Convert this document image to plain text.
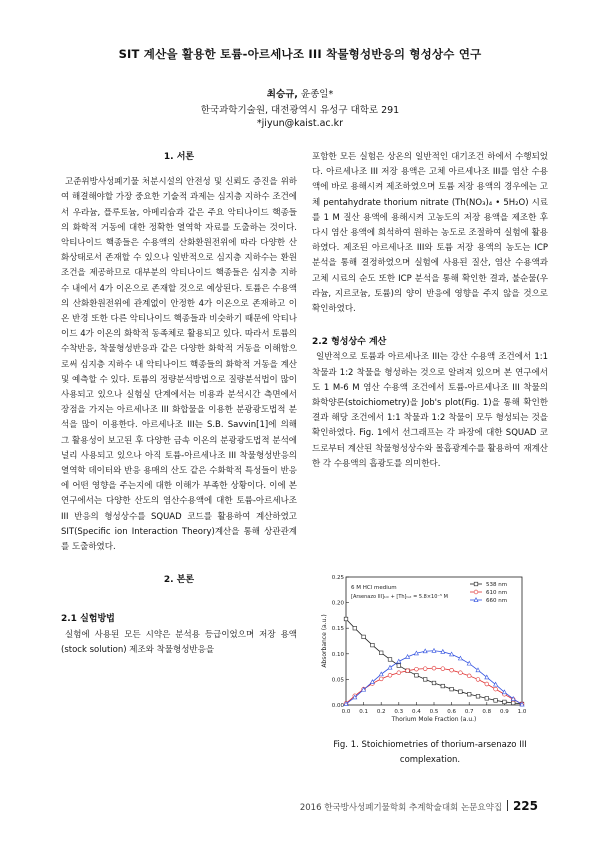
SIT 계산을 활용한 토륨-아르세나조 III 착물형성반응의 형성상수 연구
최승규, 윤종일*
한국과학기술원, 대전광역시 유성구 대학로 291
*jiyun@kaist.ac.kr
1. 서론

고준위방사성폐기물 처분시설의 안전성 및 신뢰도 증진을 위하여 해결해야할 가장 중요한 기술적 과제는 심지층 지하수 조건에서 우라늄, 플루토늄, 아메리슘과 같은 주요 악티나이드 핵종들의 화학적 거동에 대한 정확한 열역학 자료를 도출하는 것이다. 악티나이드 핵종들은 수용액의 산화환원전위에 따라 다양한 산화상태로서 존재할 수 있으나 일반적으로 심지층 지하수는 환원조건을 제공하므로 대부분의 악티나이드 핵종들은 심지층 지하수 내에서 4가 이온으로 존재할 것으로 예상된다. 토륨은 수용액의 산화환원전위에 관계없이 안정한 4가 이온으로 존재하고 이온 반경 또한 다른 악티나이드 핵종들과 비슷하기 때문에 악티나이드 4가 이온의 화학적 동족체로 활용되고 있다. 따라서 토륨의 수착반응, 착물형성반응과 같은 다양한 화학적 거동을 이해함으로써 심지층 지하수 내 악티나이드 핵종들의 화학적 거동을 계산 및 예측할 수 있다. 토륨의 정량분석방법으로 질량분석법이 많이 사용되고 있으나 실험실 단계에서는 비용과 분석시간 측면에서 장점을 가지는 아르세나조 III 화합물을 이용한 분광광도법적 분석을 많이 이용한다. 아르세나조 III는 S.B. Savvin[1]에 의해 그 활용성이 보고된 후 다양한 금속 이온의 분광광도법적 분석에 널리 사용되고 있으나 아직 토륨-아르세나조 III 착물형성반응의 열역학 데이터와 반응 용매의 산도 같은 수화학적 특성들이 반응에 어떤 영향을 주는지에 대한 이해가 부족한 상황이다. 이에 본 연구에서는 다양한 산도의 염산수용액에 대한 토륨-아르세나조 III 반응의 형성상수를 SQUAD 코드를 활용하여 계산하였고 SIT(Specific ion Interaction Theory)계산을 통해 상관관계를 도출하였다.

2. 본론

2.1 실험방법

실험에 사용된 모든 시약은 분석용 등급이었으며 저장 용액(stock solution) 제조와 착물형성반응을

포함한 모든 실험은 상온의 일반적인 대기조건 하에서 수행되었다. 아르세나조 III 저장 용액은 고체 아르세나조 III를 염산 수용액에 바로 용해시켜 제조하였으며 토륨 저장 용액의 경우에는 고체 pentahydrate thorium nitrate (Th(NO₃)₄ • 5H₂O) 시료를 1 M 질산 용액에 용해시켜 고농도의 저장 용액을 제조한 후 다시 염산 용액에 희석하여 원하는 농도로 조절하여 실험에 활용하였다. 제조된 아르세나조 III와 토륨 저장 용액의 농도는 ICP 분석을 통해 결정하였으며 실험에 사용된 질산, 염산 수용액과 고체 시료의 순도 또한 ICP 분석을 통해 확인한 결과, 불순물(우라늄, 지르코늄, 토륨)의 양이 반응에 영향을 주지 않을 것으로 확인하였다.

2.2 형성상수 계산

일반적으로 토륨과 아르세나조 III는 강산 수용액 조건에서 1:1 착물과 1:2 착물을 형성하는 것으로 알려져 있으며 본 연구에서도 1 M-6 M 염산 수용액 조건에서 토륨-아르세나조 III 착물의 화학양론(stoichiometry)을 Job's plot(Fig. 1)을 통해 확인한 결과 해당 조건에서 1:1 착물과 1:2 착물이 모두 형성되는 것을 확인하였다. Fig. 1에서 선그래프는 각 파장에 대한 SQUAD 코드로부터 계산된 착물형성상수와 몰흡광계수를 활용하여 재계산한 각 수용액의 흡광도를 의미한다.

0.0 0.1 0.2 0.3 0.4 0.5 0.6 0.7 0.8 0.9 1.0
0.00
0.05
0.10
0.15
0.20
0.25
Thorium Mole Fraction (a.u.)
Absorbance (a.u.)
6 M HCl medium
[Arsenazo III]ₜₒₜ + [Th]ₜₒₜ = 5.8×10⁻⁵ M
538 nm
610 nm
660 nm
Fig. 1. Stoichiometries of thorium-arsenazo III complexation.
2016 한국방사성폐기물학회 추계학술대회 논문요약집 225
